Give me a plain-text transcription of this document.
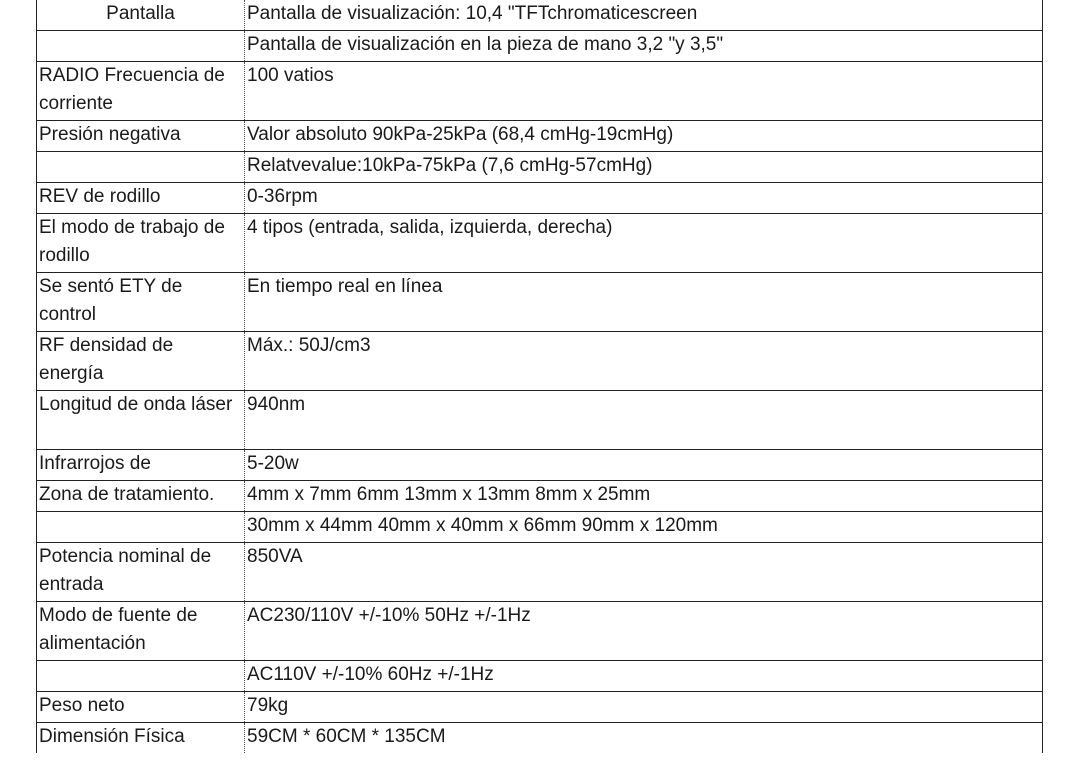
Pantalla	Pantalla de visualización: 10,4 "TFTchromaticescreen
	Pantalla de visualización en la pieza de mano 3,2 "y 3,5"
RADIO Frecuencia de corriente	100 vatios
Presión negativa	Valor absoluto 90kPa-25kPa (68,4 cmHg-19cmHg)
	Relatvevalue:10kPa-75kPa (7,6 cmHg-57cmHg)
REV de rodillo	0-36rpm
El modo de trabajo de rodillo	4 tipos (entrada, salida, izquierda, derecha)
Se sentó ETY de control	En tiempo real en línea
RF densidad de energía	Máx.: 50J/cm3
Longitud de onda láser	940nm
Infrarrojos de	5-20w
Zona de tratamiento.	4mm x 7mm 6mm 13mm x 13mm 8mm x 25mm
	30mm x 44mm 40mm x 40mm x 66mm 90mm x 120mm
Potencia nominal de entrada	850VA
Modo de fuente de alimentación	AC230/110V +/-10% 50Hz +/-1Hz
	AC110V +/-10% 60Hz +/-1Hz
Peso neto	79kg
Dimensión Física	59CM * 60CM * 135CM
